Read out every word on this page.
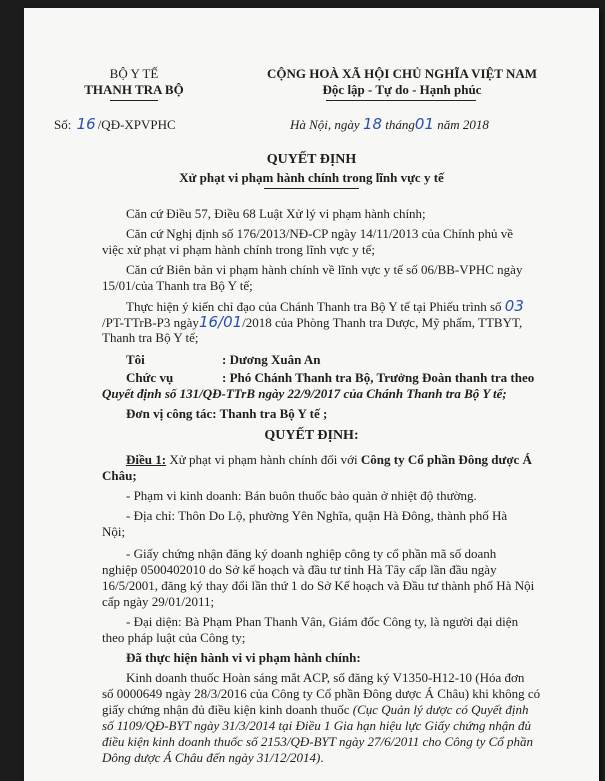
BỘ Y TẾ
THANH TRA BỘ
Số: 16 /QĐ-XPVPHC
CỘNG HOÀ XÃ HỘI CHỦ NGHĨA VIỆT NAM
Độc lập - Tự do - Hạnh phúc
Hà Nội, ngày 18 tháng01 năm 2018
QUYẾT ĐỊNH
Xử phạt vi phạm hành chính trong lĩnh vực y tế
Căn cứ Điều 57, Điều 68 Luật Xử lý vi phạm hành chính;
Căn cứ Nghị định số 176/2013/NĐ-CP ngày 14/11/2013 của Chính phủ về
việc xử phạt vi phạm hành chính trong lĩnh vực y tế;
Căn cứ Biên bản vi phạm hành chính về lĩnh vực y tế số 06/BB-VPHC ngày
15/01/của Thanh tra Bộ Y tế;
Thực hiện ý kiến chỉ đạo của Chánh Thanh tra Bộ Y tế tại Phiếu trình số 03
/PT-TTrB-P3 ngày16/01/2018 của Phòng Thanh tra Dược, Mỹ phẩm, TTBYT,
Thanh tra Bộ Y tế;
Tôi	: Dương Xuân An
Chức vụ	: Phó Chánh Thanh tra Bộ, Trưởng Đoàn thanh tra theo
Quyết định số 131/QĐ-TTrB ngày 22/9/2017 của Chánh Thanh tra Bộ Y tế;
Đơn vị công tác: Thanh tra Bộ Y tế ;
QUYẾT ĐỊNH:
Điều 1: Xử phạt vi phạm hành chính đối với Công ty Cổ phần Đông dược Á
Châu;
- Phạm vi kinh doanh: Bán buôn thuốc bảo quản ở nhiệt độ thường.
- Địa chỉ: Thôn Do Lộ, phường Yên Nghĩa, quận Hà Đông, thành phố Hà
Nội;
- Giấy chứng nhận đăng ký doanh nghiệp công ty cổ phần mã số doanh
nghiệp 0500402010 do Sở kế hoạch và đầu tư tỉnh Hà Tây cấp lần đầu ngày
16/5/2001, đăng ký thay đổi lần thứ 1 do Sở Kế hoạch và Đầu tư thành phố Hà Nội
cấp ngày 29/01/2011;
- Đại diện: Bà Phạm Phan Thanh Vân, Giám đốc Công ty, là người đại diện
theo pháp luật của Công ty;
Đã thực hiện hành vi vi phạm hành chính:
Kinh doanh thuốc Hoàn sáng mắt ACP, số đăng ký V1350-H12-10 (Hóa đơn
số 0000649 ngày 28/3/2016 của Công ty Cổ phần Đông dược Á Châu) khi không có
giấy chứng nhận đủ điều kiện kinh doanh thuốc (Cục Quản lý dược có Quyết định
số 1109/QĐ-BYT ngày 31/3/2014 tại Điều 1 Gia hạn hiệu lực Giấy chứng nhận đủ
điều kiện kinh doanh thuốc số 2153/QĐ-BYT ngày 27/6/2011 cho Công ty Cổ phần
Dông dược Á Châu đến ngày 31/12/2014).
